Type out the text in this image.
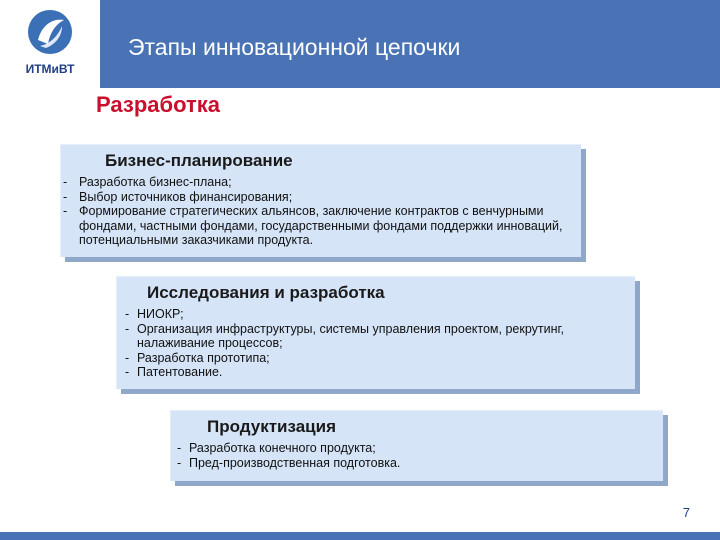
ИТМиВТ
Этапы инновационной цепочки
Разработка
Бизнес-планирование
- Разработка бизнес-плана;
- Выбор источников финансирования;
- Формирование стратегических альянсов, заключение контрактов с венчурными фондами, частными фондами, государственными фондами поддержки инноваций, потенциальными заказчиками продукта.
Исследования и разработка
- НИОКР;
- Организация инфраструктуры, системы управления проектом, рекрутинг, налаживание процессов;
- Разработка прототипа;
- Патентование.
Продуктизация
- Разработка конечного продукта;
- Пред-производственная подготовка.
7
